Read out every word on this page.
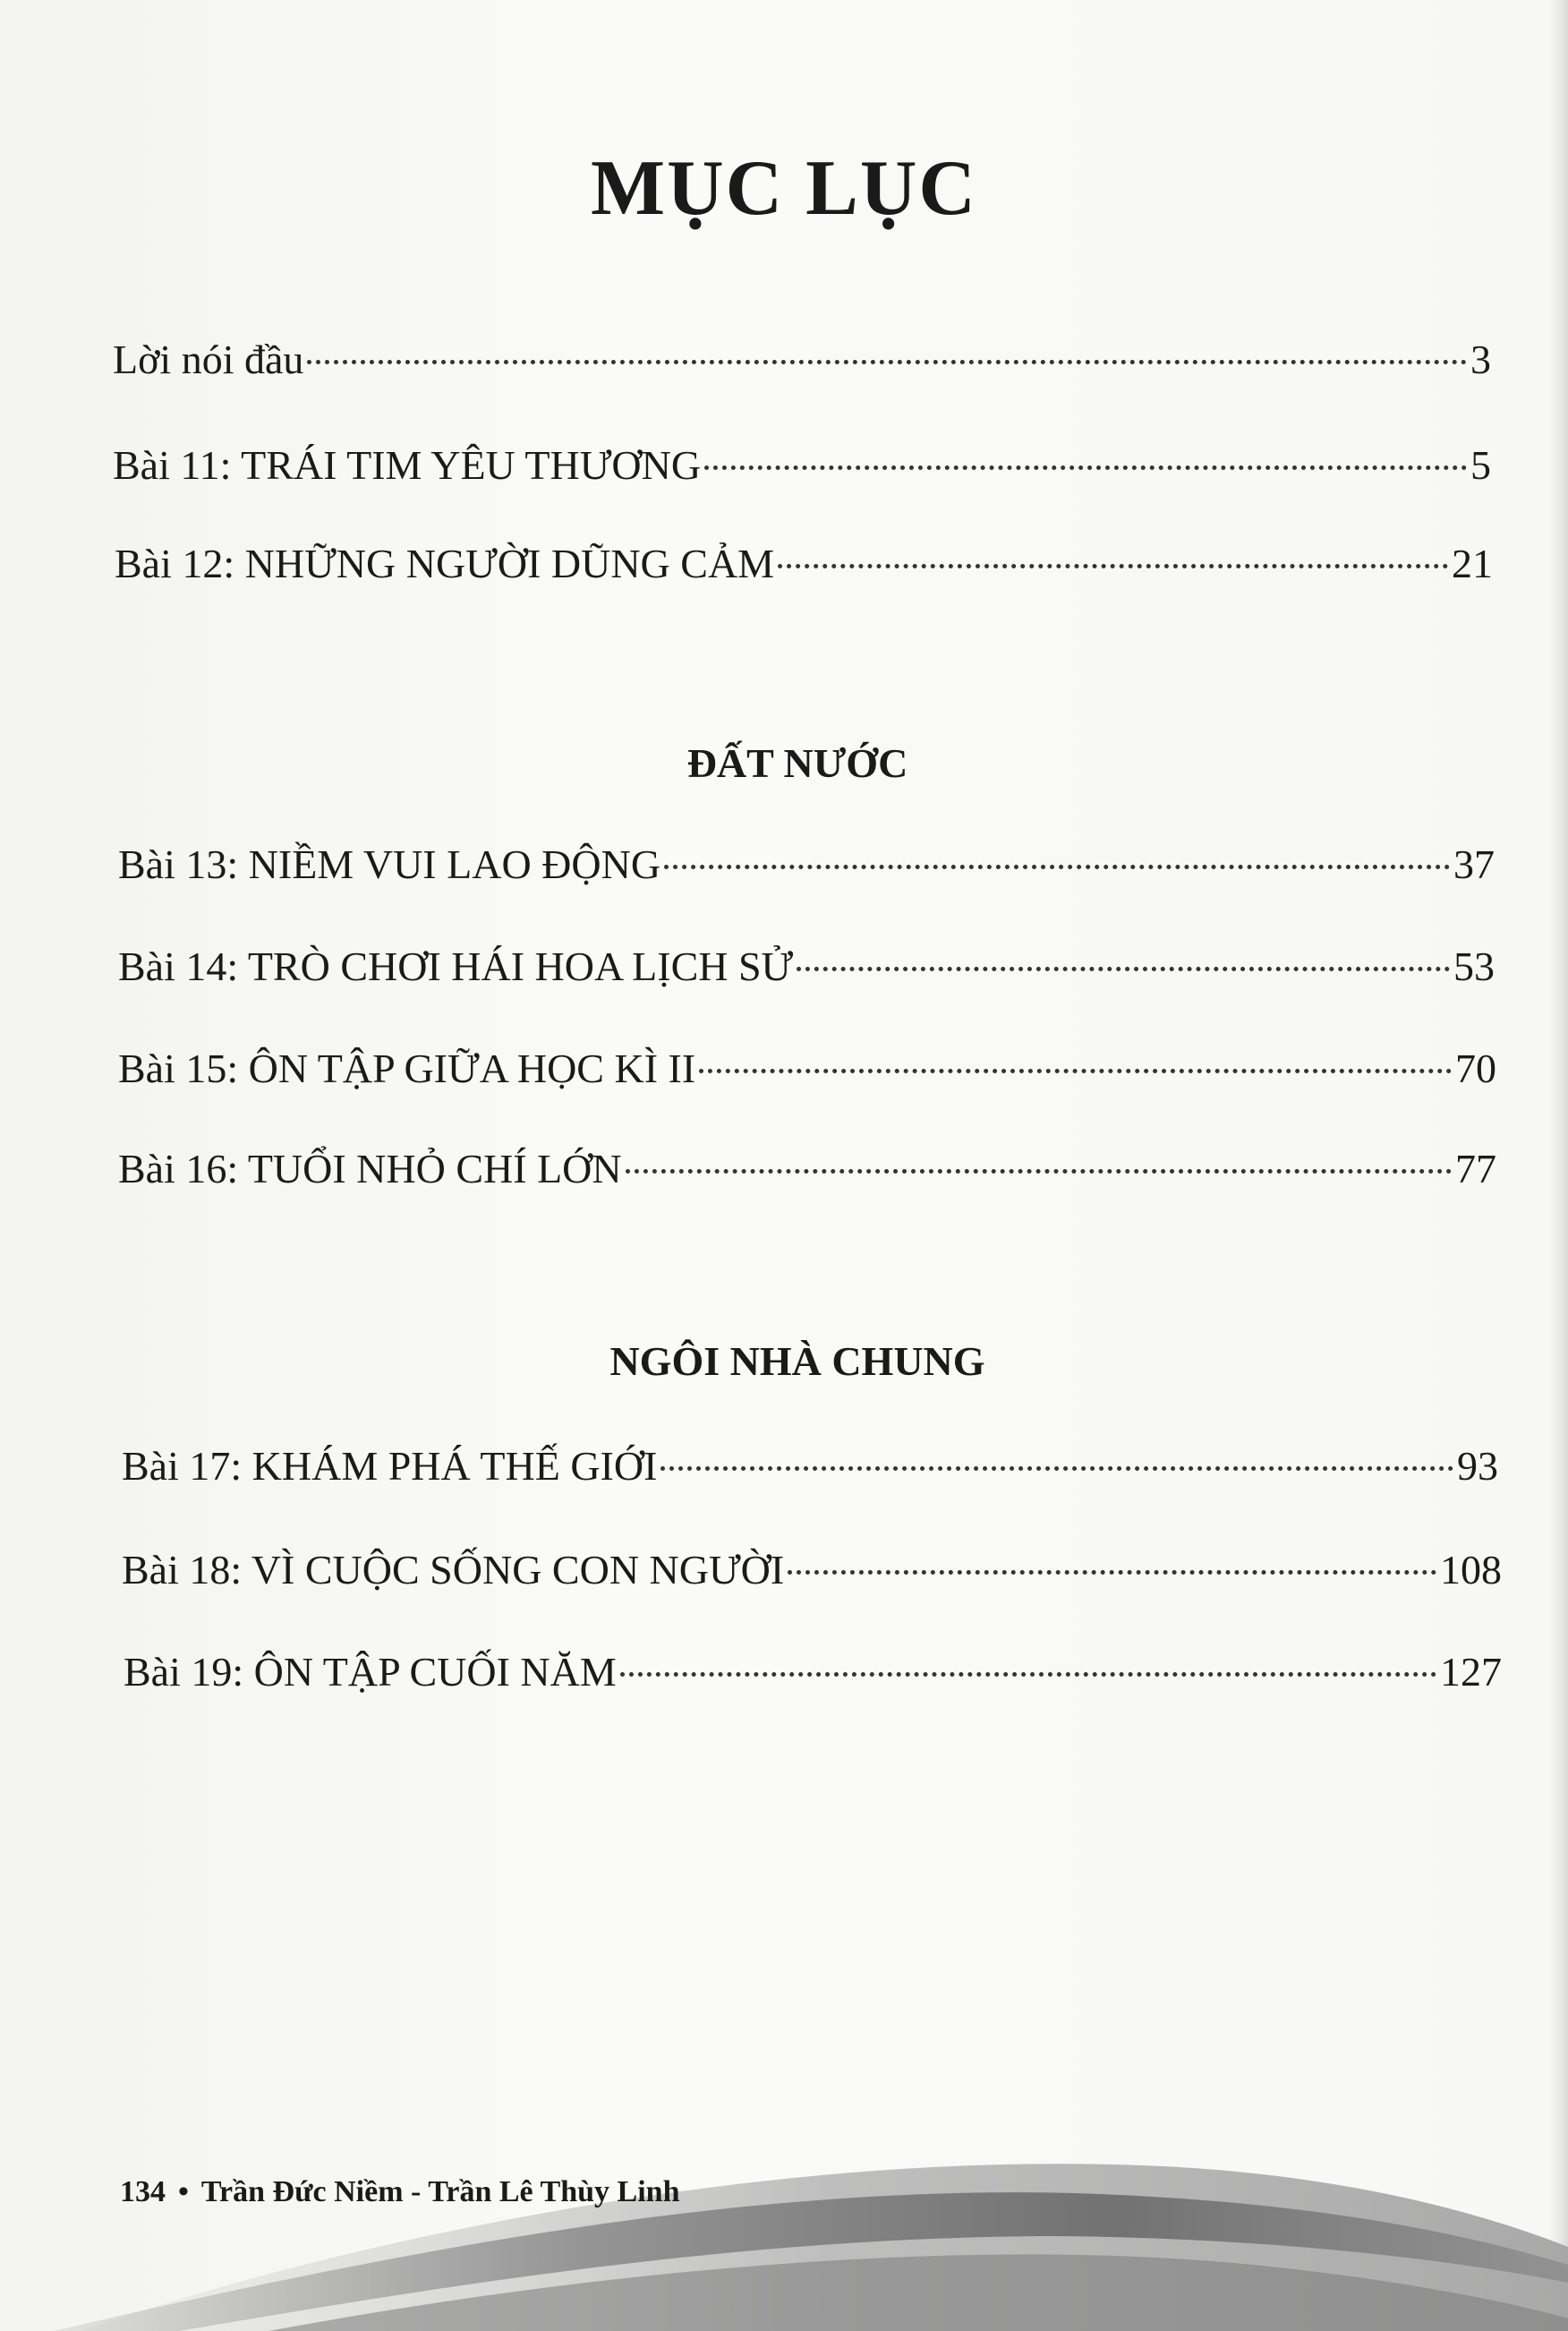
MỤC LỤC
Lời nói đầu	3
Bài 11: TRÁI TIM YÊU THƯƠNG	5
Bài 12: NHỮNG NGƯỜI DŨNG CẢM	21
ĐẤT NƯỚC
Bài 13: NIỀM VUI LAO ĐỘNG	37
Bài 14: TRÒ CHƠI HÁI HOA LỊCH SỬ	53
Bài 15: ÔN TẬP GIỮA HỌC KÌ II	70
Bài 16: TUỔI NHỎ CHÍ LỚN	77
NGÔI NHÀ CHUNG
Bài 17: KHÁM PHÁ THẾ GIỚI	93
Bài 18: VÌ CUỘC SỐNG CON NGƯỜI	108
Bài 19: ÔN TẬP CUỐI NĂM	127
134 • Trần Đức Niềm - Trần Lê Thùy Linh
